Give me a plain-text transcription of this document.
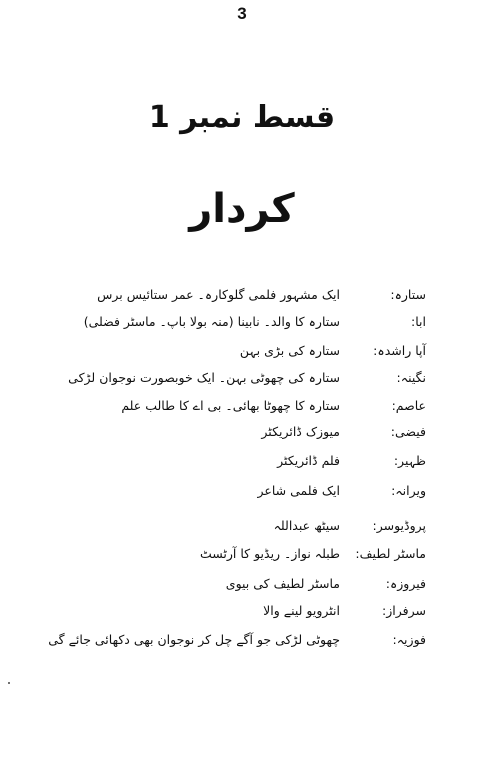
3
قسط نمبر 1
کردار
ستارہ:
ایک مشہور فلمی گلوکارہ۔ عمر ستائیس برس
ابا:
ستارہ کا والد۔ نابینا (منہ بولا باپ۔ ماسٹر فضلی)
آپا راشدہ:
ستارہ کی بڑی بہن
نگینہ:
ستارہ کی چھوٹی بہن۔ ایک خوبصورت نوجوان لڑکی
عاصم:
ستارہ کا چھوٹا بھائی۔ بی اے کا طالب علم
فیضی:
میوزک ڈائریکٹر
ظہیر:
فلم ڈائریکٹر
ویرانہ:
ایک فلمی شاعر
پروڈیوسر:
سیٹھ عبداللہ
ماسٹر لطیف:
طبلہ نواز۔ ریڈیو کا آرٹسٹ
فیروزہ:
ماسٹر لطیف کی بیوی
سرفراز:
انٹرویو لینے والا
فوزیہ:
چھوٹی لڑکی جو آگے چل کر نوجوان بھی دکھائی جائے گی
